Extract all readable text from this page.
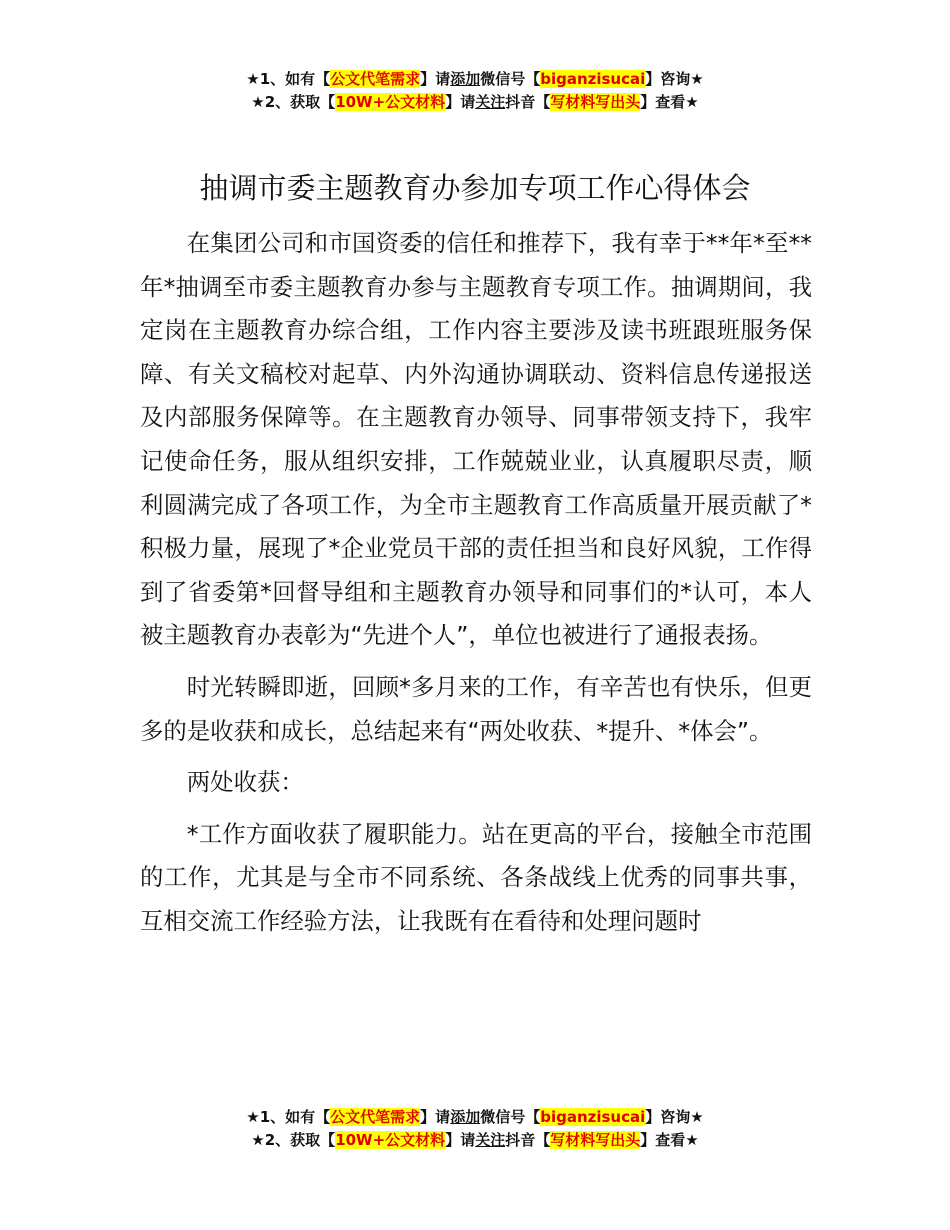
★1、如有【公文代笔需求】请添加微信号【biganzisucai】咨询★
★2、获取【10W+公文材料】请关注抖音【写材料写出头】查看★
抽调市委主题教育办参加专项工作心得体会

在集团公司和市国资委的信任和推荐下，我有幸于**年*至**年*抽调至市委主题教育办参与主题教育专项工作。抽调期间，我定岗在主题教育办综合组，工作内容主要涉及读书班跟班服务保障、有关文稿校对起草、内外沟通协调联动、资料信息传递报送及内部服务保障等。在主题教育办领导、同事带领支持下，我牢记使命任务，服从组织安排，工作兢兢业业，认真履职尽责，顺利圆满完成了各项工作，为全市主题教育工作高质量开展贡献了*积极力量，展现了*企业党员干部的责任担当和良好风貌，工作得到了省委第*回督导组和主题教育办领导和同事们的*认可，本人被主题教育办表彰为“先进个人”，单位也被进行了通报表扬。

时光转瞬即逝，回顾*多月来的工作，有辛苦也有快乐，但更多的是收获和成长，总结起来有“两处收获、*提升、*体会”。

两处收获：

*工作方面收获了履职能力。站在更高的平台，接触全市范围的工作，尤其是与全市不同系统、各条战线上优秀的同事共事，互相交流工作经验方法，让我既有在看待和处理问题时

★1、如有【公文代笔需求】请添加微信号【biganzisucai】咨询★
★2、获取【10W+公文材料】请关注抖音【写材料写出头】查看★
